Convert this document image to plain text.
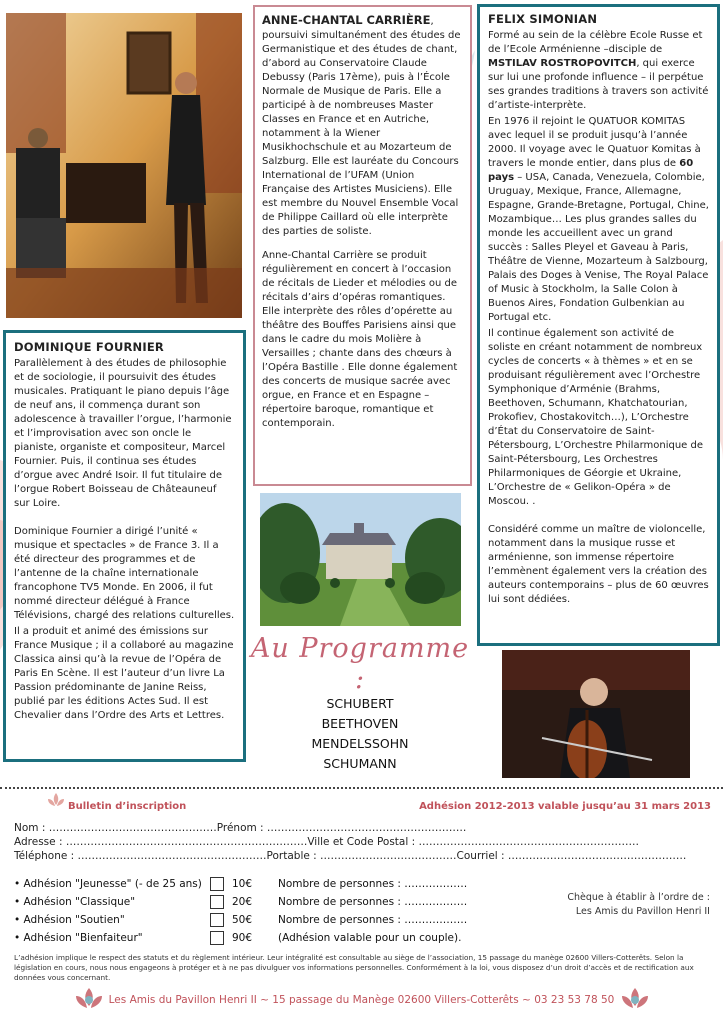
ANNE-CHANTAL CARRIÈRE, poursuivi simultanément des études de Germanistique et des études de chant, d’abord au Conservatoire Claude Debussy (Paris 17ème), puis à l’École Normale de Musique de Paris. Elle a participé à de nombreuses Master Classes en France et en Autriche, notamment à la Wiener Musikhochschule et au Mozarteum de Salzburg. Elle est lauréate du Concours International de l’UFAM (Union Française des Artistes Musiciens). Elle est membre du Nouvel Ensemble Vocal de Philippe Caillard où elle interprète des parties de soliste.

Anne-Chantal Carrière se produit régulièrement en concert à l’occasion de récitals de Lieder et mélodies ou de récitals d’airs d’opéras romantiques. Elle interprète des rôles d’opérette au théâtre des Bouffes Parisiens ainsi que dans le cadre du mois Molière à Versailles ; chante dans des chœurs à l’Opéra Bastille . Elle donne également des concerts de musique sacrée avec orgue, en France et en Espagne – répertoire baroque, romantique et contemporain.

FELIX SIMONIAN

Formé au sein de la célèbre Ecole Russe et de l’Ecole Arménienne –disciple de MSTILAV ROSTROPOVITCH, qui exerce sur lui une profonde influence – il perpétue ses grandes traditions à travers son activité d’artiste-interprète.

En 1976 il rejoint le QUATUOR KOMITAS avec lequel il se produit jusqu’à l’année 2000. Il voyage avec le Quatuor Komitas à travers le monde entier, dans plus de 60 pays – USA, Canada, Venezuela, Colombie, Uruguay, Mexique, France, Allemagne, Espagne, Grande-Bretagne, Portugal, Chine, Mozambique… Les plus grandes salles du monde les accueillent avec un grand succès : Salles Pleyel et Gaveau à Paris, Théâtre de Vienne, Mozarteum à Salzbourg, Palais des Doges à Venise, The Royal Palace of Music à Stockholm, la Salle Colon à Buenos Aires, Fondation Gulbenkian au Portugal etc.

Il continue également son activité de soliste en créant notamment de nombreux cycles de concerts « à thèmes » et en se produisant régulièrement avec l’Orchestre Symphonique d’Arménie (Brahms, Beethoven, Schumann, Khatchatourian, Prokofiev, Chostakovitch…), L’Orchestre d’État du Conservatoire de Saint-Pétersbourg, L’Orchestre Philarmonique de Saint-Pétersbourg, Les Orchestres Philarmoniques de Géorgie et Ukraine, L’Orchestre de « Gelikon-Opéra » de Moscou. .

Considéré comme un maître de violoncelle, notamment dans la musique russe et arménienne, son immense répertoire l’emmènent également vers la création des auteurs contemporains – plus de 60 œuvres lui sont dédiées.

DOMINIQUE FOURNIER

Parallèlement à des études de philosophie et de sociologie, il poursuivit des études musicales. Pratiquant le piano depuis l’âge de neuf ans, il commença durant son adolescence à travailler l’orgue, l’harmonie et l’improvisation avec son oncle le pianiste, organiste et compositeur, Marcel Fournier. Puis, il continua ses études d’orgue avec André Isoir. Il fut titulaire de l’orgue Robert Boisseau de Châteauneuf sur Loire.

Dominique Fournier a dirigé l’unité « musique et spectacles » de France 3. Il a été directeur des programmes et de l’antenne de la chaîne internationale francophone TV5 Monde. En 2006, il fut nommé directeur délégué à France Télévisions, chargé des relations culturelles.

Il a produit et animé des émissions sur France Musique ; il a collaboré au magazine Classica ainsi qu’à la revue de l’Opéra de Paris En Scène. Il est l’auteur d’un livre La Passion prédominante de Janine Reiss, publié par les éditions Actes Sud. Il est Chevalier dans l’Ordre des Arts et Lettres.

Au Programme :
SCHUBERT
BEETHOVEN
MENDELSSOHN
SCHUMANN
Bulletin d’inscription	Adhésion 2012-2013 valable jusqu’au 31 mars 2013
Nom : …………………………………………Prénom : …………………………………………………
Adresse : ……………………………………………………………Ville et Code Postal : ………………………………………………………
Téléphone : ………………………………………………Portable : …………………………………Courriel : ……………………………………………
• Adhésion "Jeunesse" (- de 25 ans)	10€	Nombre de personnes : ………………
• Adhésion "Classique"	20€	Nombre de personnes : ………………
• Adhésion "Soutien"	50€	Nombre de personnes : ………………
• Adhésion "Bienfaiteur"	90€	(Adhésion valable pour un couple).
Chèque à établir à l’ordre de :
Les Amis du Pavillon Henri II
L’adhésion implique le respect des statuts et du règlement intérieur. Leur intégralité est consultable au siège de l’association, 15 passage du manège 02600 Villers-Cotterêts. Selon la législation en cours, nous nous engageons à protéger et à ne pas divulguer vos informations personnelles. Conformément à la loi, vous disposez d’un droit d’accès et de rectification aux données vous concernant.
Les Amis du Pavillon Henri II ~ 15 passage du Manège 02600 Villers-Cotterêts ~ 03 23 53 78 50
